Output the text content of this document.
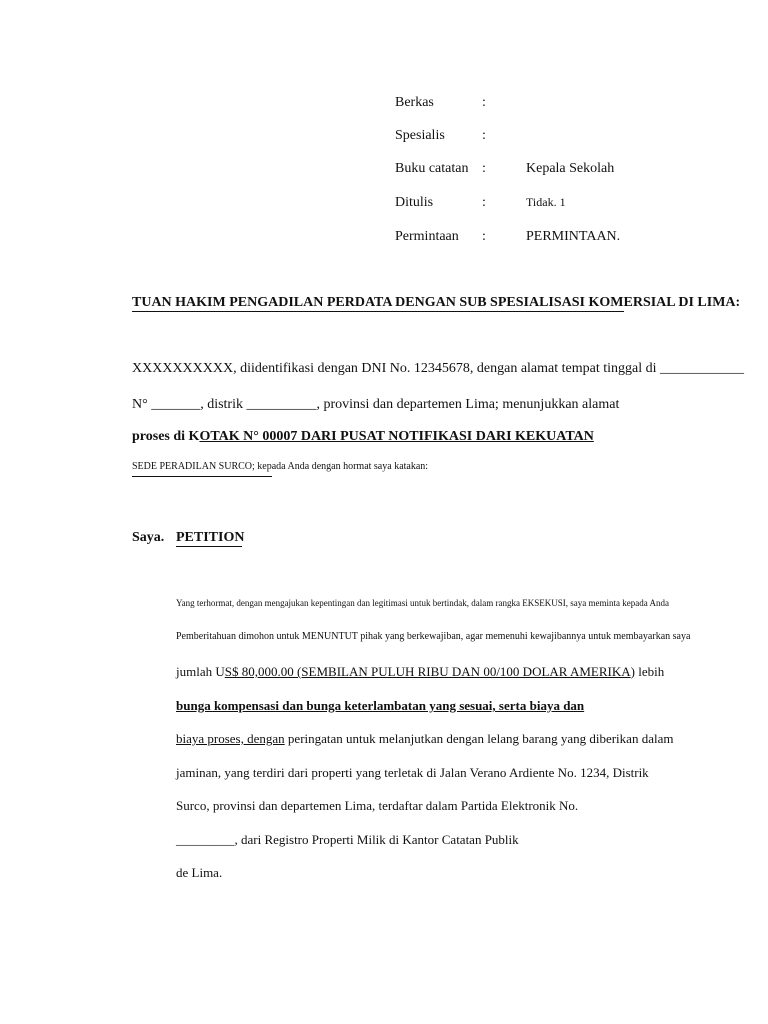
Berkas	:
Spesialis	:
Buku catatan :	Kepala Sekolah
Ditulis	:	Tidak. 1
Permintaan :	PERMINTAAN.
TUAN HAKIM PENGADILAN PERDATA DENGAN SUB SPESIALISASI KOMERSIAL DI LIMA:
XXXXXXXXXX, diidentifikasi dengan DNI No. 12345678, dengan alamat tempat tinggal di ____________
N° _______, distrik __________, provinsi dan departemen Lima; menunjukkan alamat
proses di KOTAK N° 00007 DARI PUSAT NOTIFIKASI DARI KEKUATAN
SEDE PERADILAN SURCO; kepada Anda dengan hormat saya katakan:
Saya. PETITION
Yang terhormat, dengan mengajukan kepentingan dan legitimasi untuk bertindak, dalam rangka EKSEKUSI, saya meminta kepada Anda
Pemberitahuan dimohon untuk MENUNTUT pihak yang berkewajiban, agar memenuhi kewajibannya untuk membayarkan saya
jumlah US$ 80,000.00 (SEMBILAN PULUH RIBU DAN 00/100 DOLAR AMERIKA) lebih
bunga kompensasi dan bunga keterlambatan yang sesuai, serta biaya dan
biaya proses, dengan peringatan untuk melanjutkan dengan lelang barang yang diberikan dalam
jaminan, yang terdiri dari properti yang terletak di Jalan Verano Ardiente No. 1234, Distrik
Surco, provinsi dan departemen Lima, terdaftar dalam Partida Elektronik No.
_________, dari Registro Properti Milik di Kantor Catatan Publik
de Lima.
